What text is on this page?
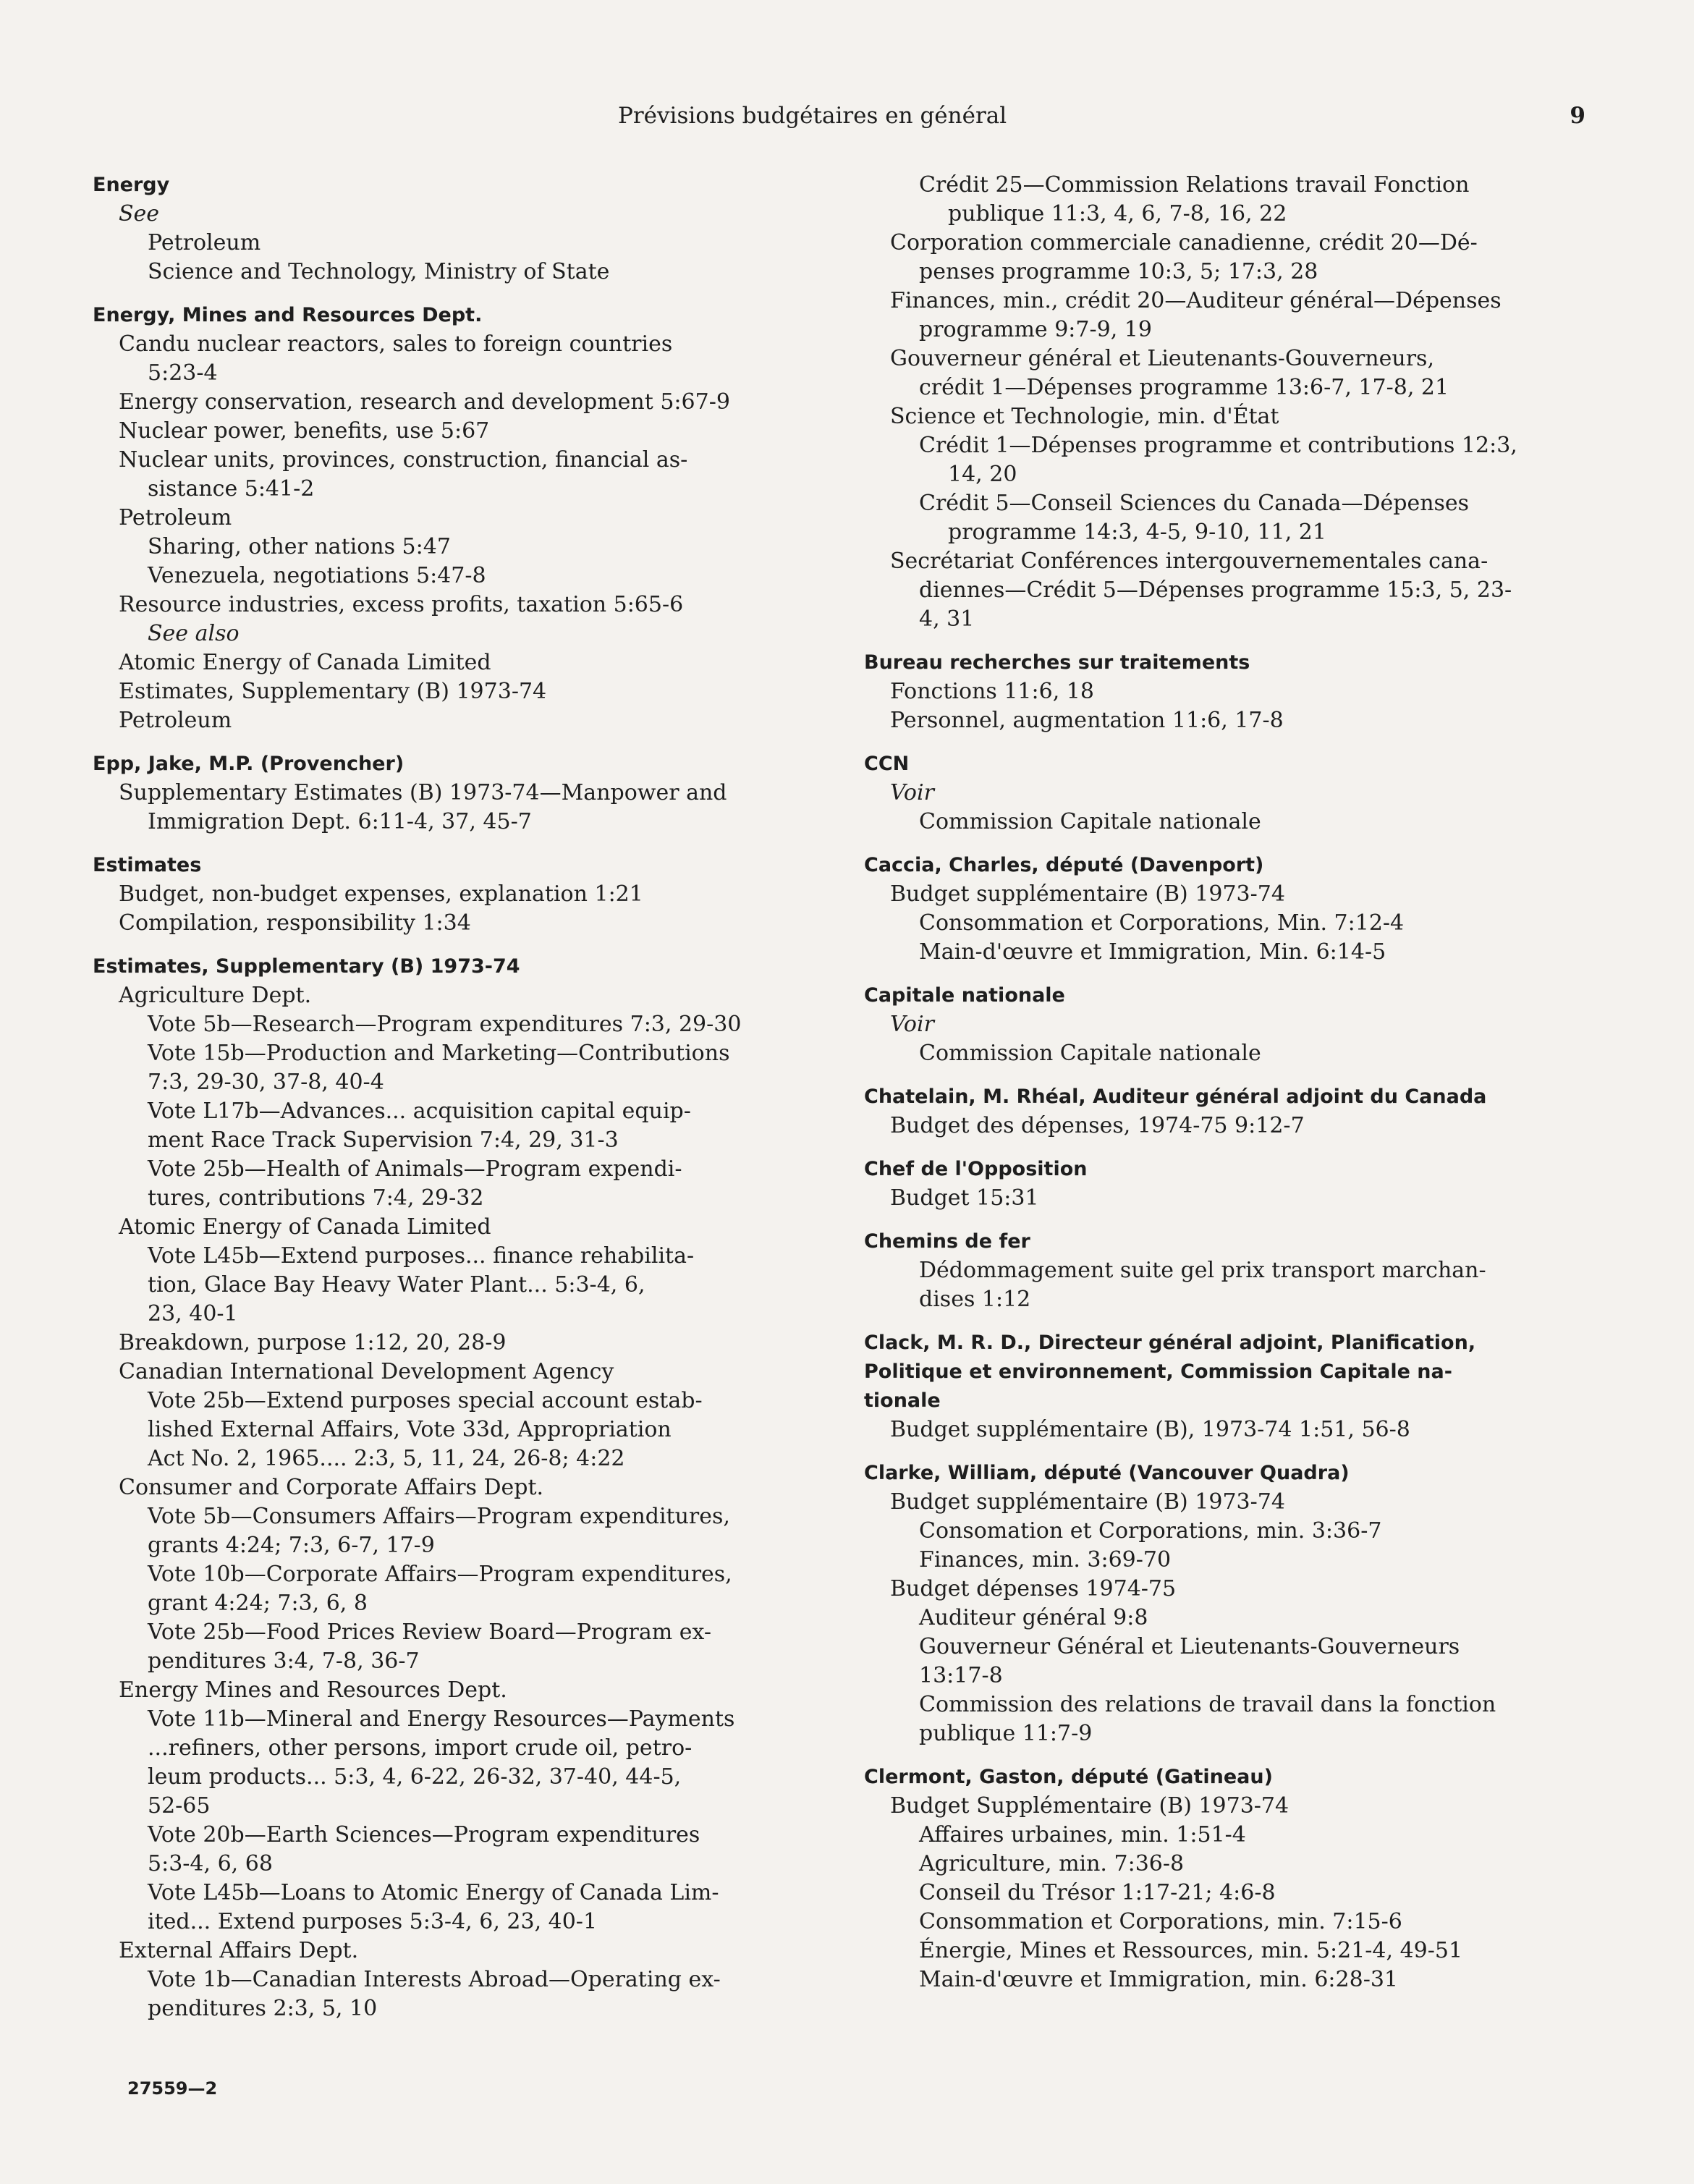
Prévisions budgétaires en général	9
Energy
See
Petroleum
Science and Technology, Ministry of State
Energy, Mines and Resources Dept.
Candu nuclear reactors, sales to foreign countries
5:23-4
Energy conservation, research and development 5:67-9
Nuclear power, benefits, use 5:67
Nuclear units, provinces, construction, financial as-
sistance 5:41-2
Petroleum
Sharing, other nations 5:47
Venezuela, negotiations 5:47-8
Resource industries, excess profits, taxation 5:65-6
See also
Atomic Energy of Canada Limited
Estimates, Supplementary (B) 1973-74
Petroleum
Epp, Jake, M.P. (Provencher)
Supplementary Estimates (B) 1973-74—Manpower and
Immigration Dept. 6:11-4, 37, 45-7
Estimates
Budget, non-budget expenses, explanation 1:21
Compilation, responsibility 1:34
Estimates, Supplementary (B) 1973-74
Agriculture Dept.
Vote 5b—Research—Program expenditures 7:3, 29-30
Vote 15b—Production and Marketing—Contributions
7:3, 29-30, 37-8, 40-4
Vote L17b—Advances... acquisition capital equip-
ment Race Track Supervision 7:4, 29, 31-3
Vote 25b—Health of Animals—Program expendi-
tures, contributions 7:4, 29-32
Atomic Energy of Canada Limited
Vote L45b—Extend purposes... finance rehabilita-
tion, Glace Bay Heavy Water Plant... 5:3-4, 6,
23, 40-1
Breakdown, purpose 1:12, 20, 28-9
Canadian International Development Agency
Vote 25b—Extend purposes special account estab-
lished External Affairs, Vote 33d, Appropriation
Act No. 2, 1965.... 2:3, 5, 11, 24, 26-8; 4:22
Consumer and Corporate Affairs Dept.
Vote 5b—Consumers Affairs—Program expenditures,
grants 4:24; 7:3, 6-7, 17-9
Vote 10b—Corporate Affairs—Program expenditures,
grant 4:24; 7:3, 6, 8
Vote 25b—Food Prices Review Board—Program ex-
penditures 3:4, 7-8, 36-7
Energy Mines and Resources Dept.
Vote 11b—Mineral and Energy Resources—Payments
...refiners, other persons, import crude oil, petro-
leum products... 5:3, 4, 6-22, 26-32, 37-40, 44-5,
52-65
Vote 20b—Earth Sciences—Program expenditures
5:3-4, 6, 68
Vote L45b—Loans to Atomic Energy of Canada Lim-
ited... Extend purposes 5:3-4, 6, 23, 40-1
External Affairs Dept.
Vote 1b—Canadian Interests Abroad—Operating ex-
penditures 2:3, 5, 10
Crédit 25—Commission Relations travail Fonction
publique 11:3, 4, 6, 7-8, 16, 22
Corporation commerciale canadienne, crédit 20—Dé-
penses programme 10:3, 5; 17:3, 28
Finances, min., crédit 20—Auditeur général—Dépenses
programme 9:7-9, 19
Gouverneur général et Lieutenants-Gouverneurs,
crédit 1—Dépenses programme 13:6-7, 17-8, 21
Science et Technologie, min. d'État
Crédit 1—Dépenses programme et contributions 12:3,
14, 20
Crédit 5—Conseil Sciences du Canada—Dépenses
programme 14:3, 4-5, 9-10, 11, 21
Secrétariat Conférences intergouvernementales cana-
diennes—Crédit 5—Dépenses programme 15:3, 5, 23-
4, 31
Bureau recherches sur traitements
Fonctions 11:6, 18
Personnel, augmentation 11:6, 17-8
CCN
Voir
Commission Capitale nationale
Caccia, Charles, député (Davenport)
Budget supplémentaire (B) 1973-74
Consommation et Corporations, Min. 7:12-4
Main-d'œuvre et Immigration, Min. 6:14-5
Capitale nationale
Voir
Commission Capitale nationale
Chatelain, M. Rhéal, Auditeur général adjoint du Canada
Budget des dépenses, 1974-75 9:12-7
Chef de l'Opposition
Budget 15:31
Chemins de fer
Dédommagement suite gel prix transport marchan-
dises 1:12
Clack, M. R. D., Directeur général adjoint, Planification,
Politique et environnement, Commission Capitale na-
tionale
Budget supplémentaire (B), 1973-74 1:51, 56-8
Clarke, William, député (Vancouver Quadra)
Budget supplémentaire (B) 1973-74
Consomation et Corporations, min. 3:36-7
Finances, min. 3:69-70
Budget dépenses 1974-75
Auditeur général 9:8
Gouverneur Général et Lieutenants-Gouverneurs
13:17-8
Commission des relations de travail dans la fonction
publique 11:7-9
Clermont, Gaston, député (Gatineau)
Budget Supplémentaire (B) 1973-74
Affaires urbaines, min. 1:51-4
Agriculture, min. 7:36-8
Conseil du Trésor 1:17-21; 4:6-8
Consommation et Corporations, min. 7:15-6
Énergie, Mines et Ressources, min. 5:21-4, 49-51
Main-d'œuvre et Immigration, min. 6:28-31
27559—2
